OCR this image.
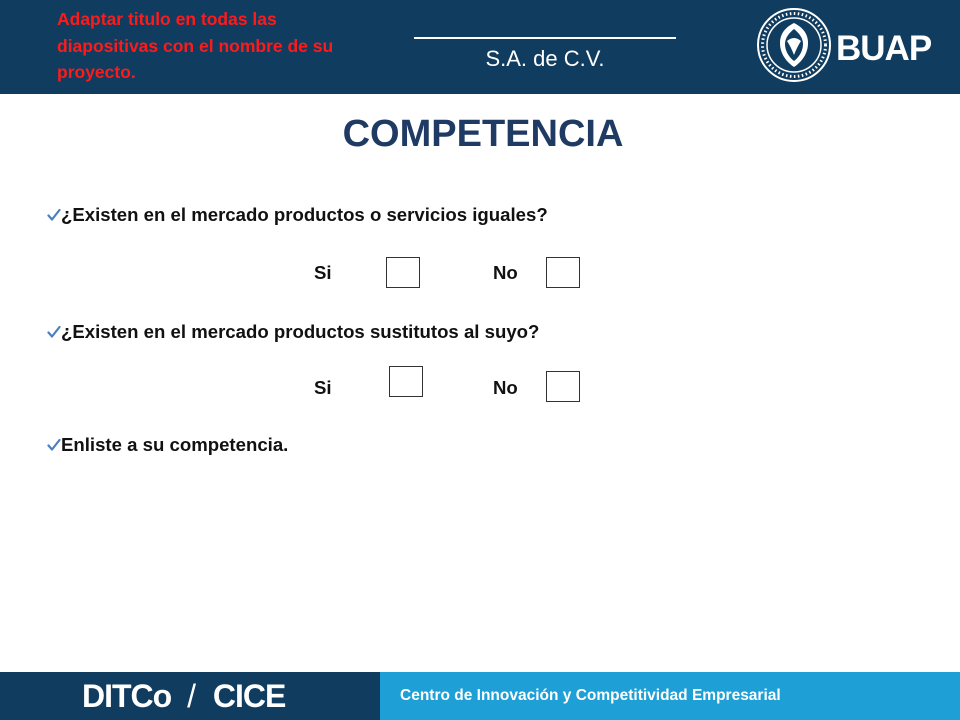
Adaptar titulo en todas las diapositivas con el nombre de su proyecto.
S.A. de C.V.	BUAP
COMPETENCIA
¿Existen en el mercado productos o servicios iguales?
Si	No
¿Existen en el mercado productos sustitutos al suyo?
Si	No
Enliste a su competencia.
DITCo / CICE	Centro de Innovación y Competitividad Empresarial
